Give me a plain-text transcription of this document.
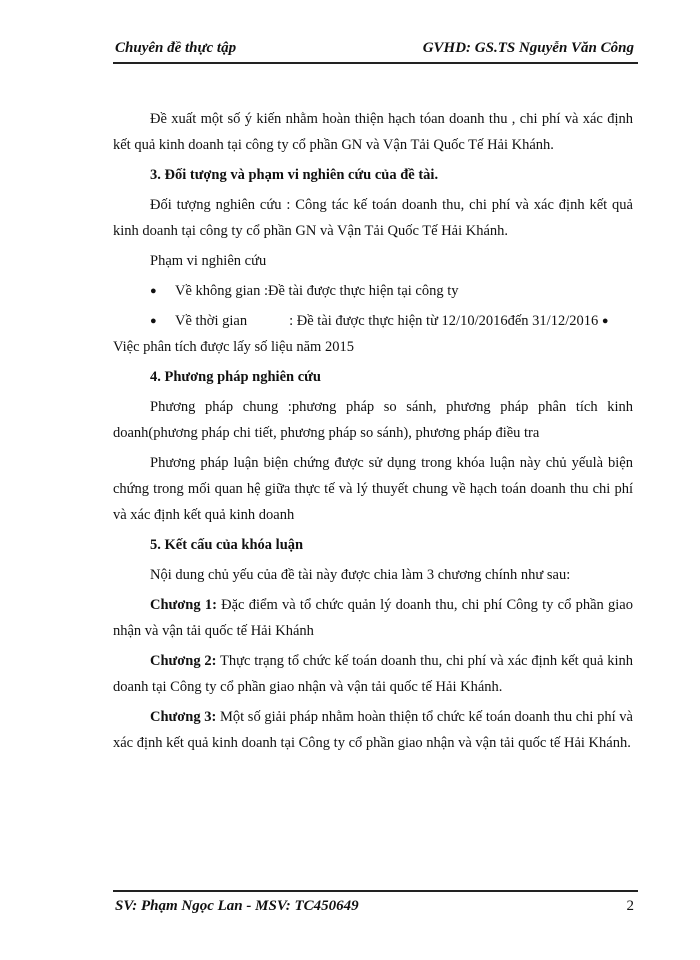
Chuyên đề thực tập	GVHD: GS.TS Nguyễn Văn Công

Đề xuất một số ý kiến nhằm hoàn thiện hạch tóan doanh thu , chi phí và xác định kết quả kinh doanh tại công ty cổ phần GN và Vận Tải Quốc Tế Hải Khánh.

3. Đối tượng và phạm vi nghiên cứu của đề tài.

Đối tượng nghiên cứu : Công tác kế toán doanh thu, chi phí và xác định kết quả kinh doanh tại công ty cổ phần GN và Vận Tải Quốc Tế Hải Khánh.

Phạm vi nghiên cứu

● Về không gian :Đề tài được thực hiện tại công ty

● Về thời gian	: Đề tài được thực hiện từ 12/10/2016đến 31/12/2016 ●

Việc phân tích được lấy số liệu năm 2015

4. Phương pháp nghiên cứu

Phương pháp chung :phương pháp so sánh, phương pháp phân tích kinh doanh(phương pháp chi tiết, phương pháp so sánh), phương pháp điều tra

Phương pháp luận biện chứng được sử dụng trong khóa luận này chủ yếulà biện chứng trong mối quan hệ giữa thực tế và lý thuyết chung về hạch toán doanh thu chi phí và xác định kết quả kinh doanh

5. Kết cấu của khóa luận

Nội dung chủ yếu của đề tài này được chia làm 3 chương chính như sau:

Chương 1: Đặc điểm và tổ chức quản lý doanh thu, chi phí Công ty cổ phần giao nhận và vận tải quốc tế Hải Khánh

Chương 2: Thực trạng tổ chức kế toán doanh thu, chi phí và xác định kết quả kinh doanh tại Công ty cổ phần giao nhận và vận tải quốc tế Hải Khánh.

Chương 3: Một số giải pháp nhằm hoàn thiện tổ chức kế toán doanh thu chi phí và xác định kết quả kinh doanh tại Công ty cổ phần giao nhận và vận tải quốc tế Hải Khánh.

SV: Phạm Ngọc Lan - MSV: TC450649	2
